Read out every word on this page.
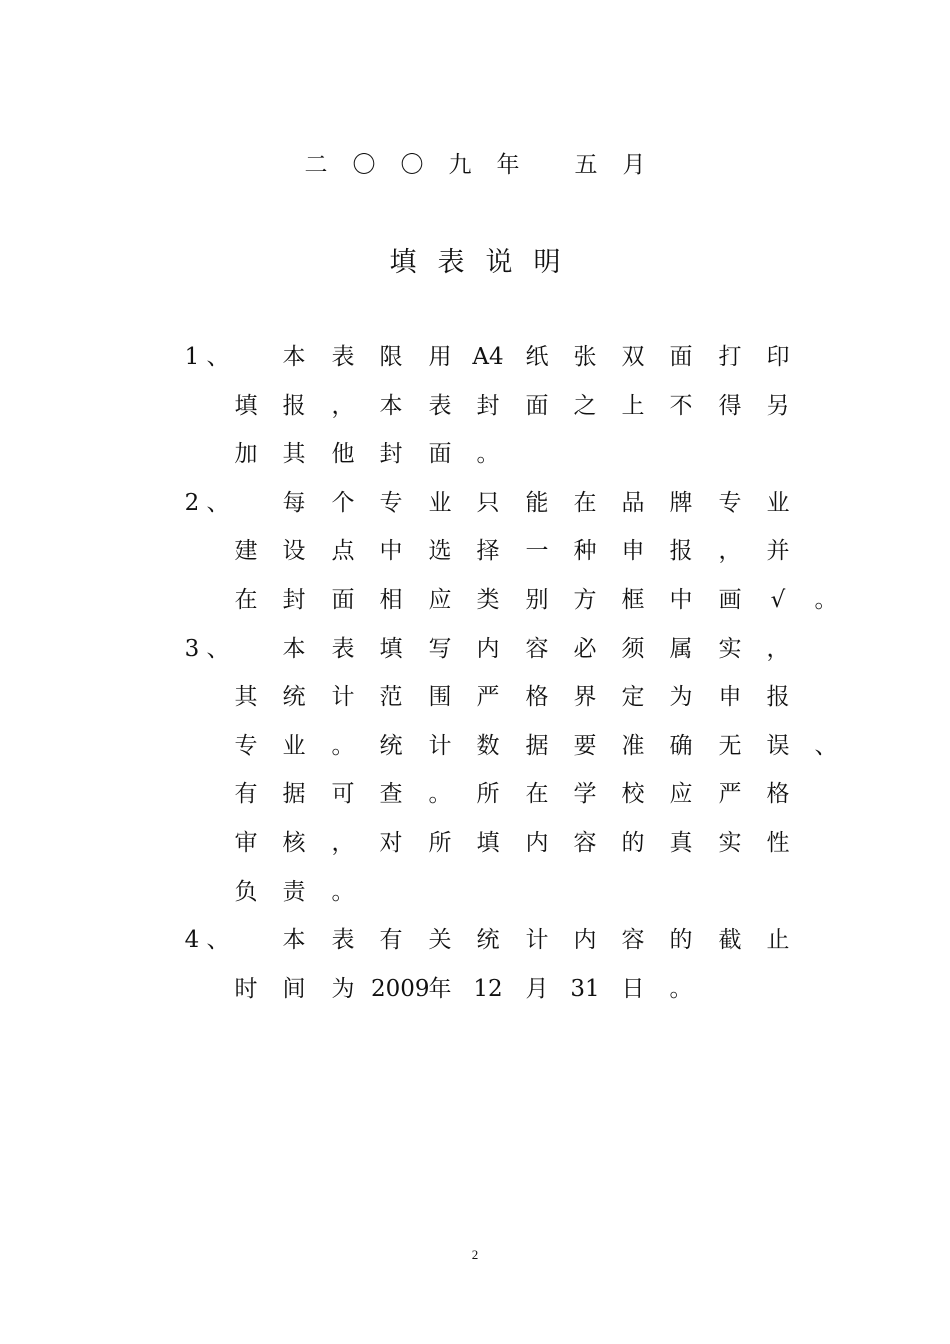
二 〇 〇 九 年 五 月
填 表 说 明
1 、	本	表	限	用 A4 纸	张	双	面	打	印
填	报	，	本	表	封	面	之	上	不	得	另
加	其	他	封	面	。
2 、	每	个	专	业	只	能	在	品	牌	专	业
建	设	点	中	选	择	一	种	申	报	，	并
在	封	面	相	应	类	别	方	框	中	画	√	。
3 、	本	表	填	写	内	容	必	须	属	实	，
其	统	计	范	围	严	格	界	定	为	申	报
专	业	。	统	计	数	据	要	准	确	无	误	、
有	据	可	查	。	所	在	学	校	应	严	格
审	核	，	对	所	填	内	容	的	真	实	性
负	责	。
4 、	本	表	有	关	统	计	内	容	的	截	止
时	间	为 2009
年 12 月 31 日	。
2
